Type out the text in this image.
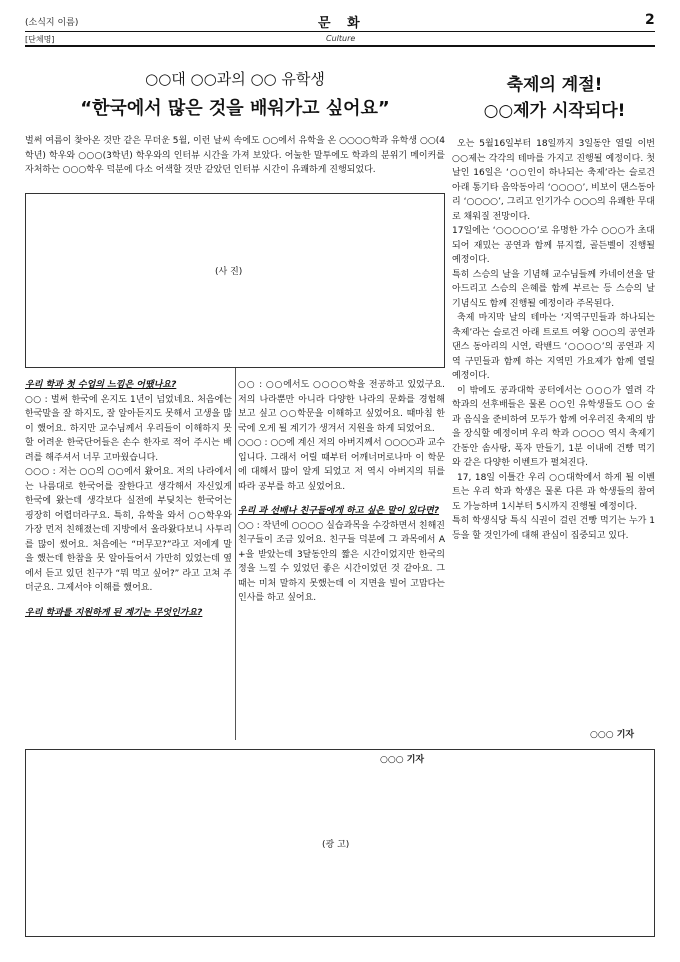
(소식지 이름)	문 화	2
[단체명]	Culture
○○대 ○○과의 ○○ 유학생
“한국에서 많은 것을 배워가고 싶어요”
축제의 계절!
○○제가 시작되다!
벌써 여름이 찾아온 것만 같은 무더운 5월, 이런 날씨 속에도 ○○에서 유학을 온 ○○○○학과 유학생 ○○(4학년) 학우와 ○○○(3학년) 학우와의 인터뷰 시간을 가져 보았다. 어눌한 말투에도 학과의 분위기 메이커를 자처하는 ○○○학우 덕분에 다소 어색할 것만 같았던 인터뷰 시간이 유쾌하게 진행되었다.
(사 진)

우리 학과 첫 수업의 느낌은 어땠나요?

○○ : 벌써 한국에 온지도 1년이 넘었네요. 처음에는 한국말을 잘 하지도, 잘 알아듣지도 못해서 고생을 많이 했어요. 하지만 교수님께서 우리들이 이해하지 못할 어려운 한국단어들은 손수 한자로 적어 주시는 배려를 해주셔서 너무 고마웠습니다.

○○○ : 저는 ○○의 ○○에서 왔어요. 저의 나라에서는 나름대로 한국어를 잘한다고 생각해서 자신있게 한국에 왔는데 생각보다 실전에 부딪치는 한국어는 굉장히 어렵더라구요. 특히, 유학을 와서 ○○학우와 가장 먼저 친해졌는데 지방에서 올라왔다보니 사투리를 많이 썼어요. 처음에는 “머무꼬?”라고 저에게 말을 했는데 한참을 못 알아들어서 가만히 있었는데 옆에서 듣고 있던 친구가 “뭐 먹고 싶어?” 라고 고쳐 주더군요. 그제서야 이해를 했어요.

우리 학과를 지원하게 된 계기는 무엇인가요?

○○ : ○○에서도 ○○○○학을 전공하고 있었구요. 저의 나라뿐만 아니라 다양한 나라의 문화를 경험해보고 싶고 ○○학문을 이해하고 싶었어요. 때마침 한국에 오게 될 계기가 생겨서 지원을 하게 되었어요.

○○○ : ○○에 계신 저의 아버지께서 ○○○○과 교수입니다. 그래서 어릴 때부터 어깨너머로나마 이 학문에 대해서 많이 알게 되었고 저 역시 아버지의 뒤를 따라 공부를 하고 싶었어요.

우리 과 선배나 친구들에게 하고 싶은 말이 있다면?

○○ : 작년에 ○○○○ 실습과목을 수강하면서 친해진 친구들이 조금 있어요. 친구들 덕분에 그 과목에서 A+을 받았는데 3달동안의 짧은 시간이었지만 한국의 정을 느낄 수 있었던 좋은 시간이었던 것 같아요. 그 때는 미처 말하지 못했는데 이 지면을 빌어 고맙다는 인사를 하고 싶어요.

○○○ 기자

오는 5월16일부터 18일까지 3일동안 열릴 이번 ○○제는 각각의 테마를 가지고 진행될 예정이다. 첫 날인 16일은 ‘○○인이 하나되는 축제’라는 슬로건 아래 통기타 음악동아리 ‘○○○○’, 비보이 댄스동아리 ‘○○○○’, 그리고 인기가수 ○○○의 유쾌한 무대로 채워질 전망이다.

17일에는 ‘○○○○○’로 유명한 가수 ○○○가 초대되어 재밌는 공연과 함께 뮤지컬, 골든벨이 진행될 예정이다.

특히 스승의 날을 기념해 교수님들께 카네이션을 달아드리고 스승의 은혜를 함께 부르는 등 스승의 날 기념식도 함께 진행될 예정이라 주목된다.

축제 마지막 날의 테마는 ‘지역구민들과 하나되는 축제’라는 슬로건 아래 트로트 여왕 ○○○의 공연과 댄스 동아리의 시연, 락밴드 ‘○○○○’의 공연과 지역 구민들과 함께 하는 지역민 가요제가 함께 열릴 예정이다.

이 밖에도 공과대학 공터에서는 ○○○가 열려 각 학과의 선후배들은 물론 ○○인 유학생들도 ○○ 술과 음식을 준비하여 모두가 함께 어우러진 축제의 밤을 장식할 예정이며 우리 학과 ○○○○ 역시 축제기간동안 솜사탕, 폭자 만들기, 1분 이내에 건빵 먹기와 같은 다양한 이벤트가 펼쳐진다.

17, 18일 이틀간 우리 ○○대학에서 하게 될 이벤트는 우리 학과 학생은 물론 다른 과 학생들의 참여도 가능하며 1시부터 5시까지 진행될 예정이다.

특히 학생식당 특식 식권이 걸린 건빵 먹기는 누가 1등을 할 것인가에 대해 관심이 집중되고 있다.

○○○ 기자
(광 고)
